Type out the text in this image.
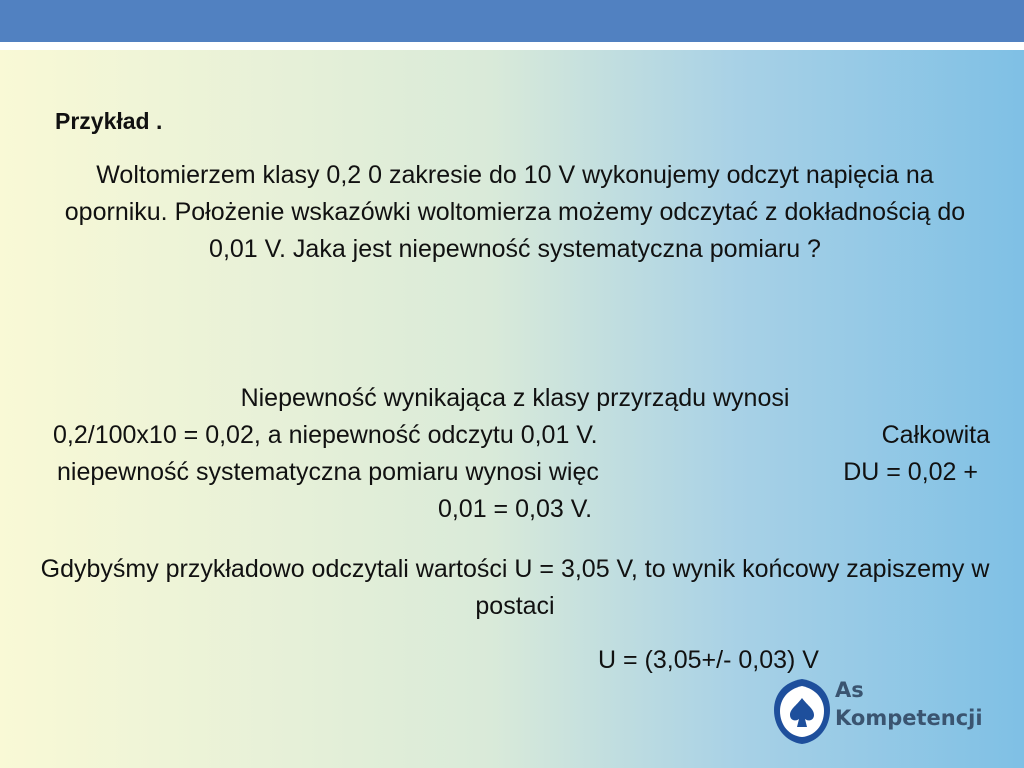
Przykład .

Woltomierzem klasy 0,2 0 zakresie do 10 V wykonujemy odczyt napięcia na oporniku. Położenie wskazówki woltomierza możemy odczytać z dokładnością do 0,01 V. Jaka jest niepewność systematyczna pomiaru ?

Niepewność wynikająca z klasy przyrządu wynosi
0,2/100x10 = 0,02, a niepewność odczytu 0,01 V.	Całkowita
niepewność systematyczna pomiaru wynosi więc	DU = 0,02 +
0,01 = 0,03 V.

Gdybyśmy przykładowo odczytali wartości U = 3,05 V, to wynik końcowy zapiszemy w postaci

U = (3,05+/- 0,03) V
As
Kompetencji
